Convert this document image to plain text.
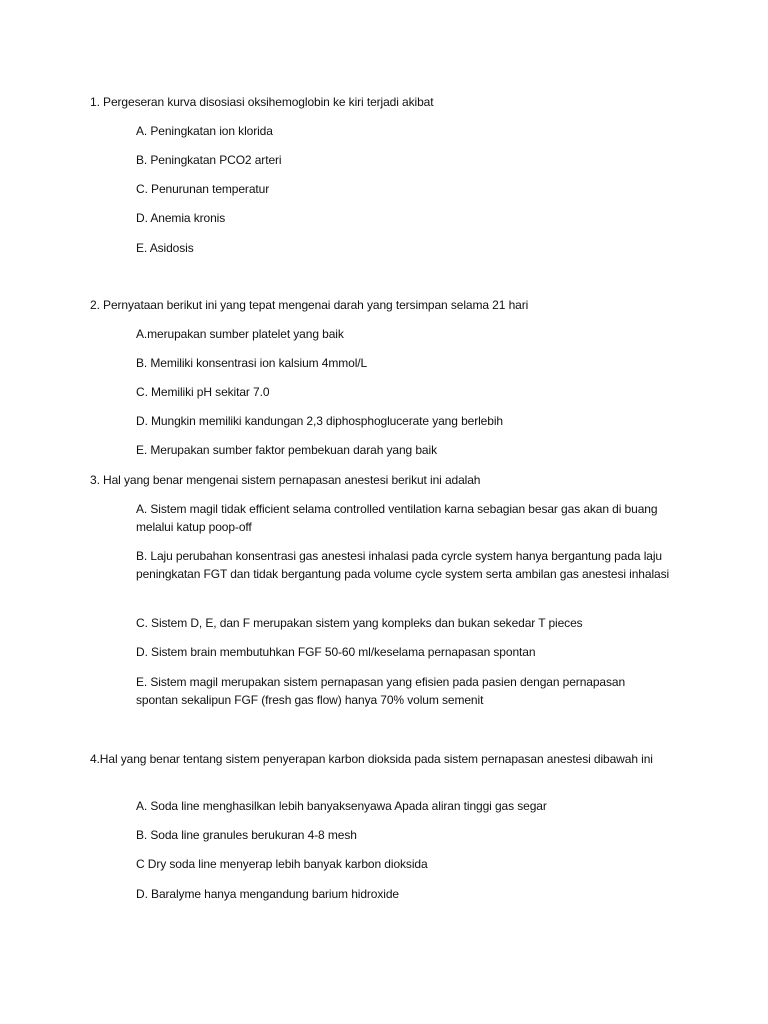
1. Pergeseran kurva disosiasi oksihemoglobin ke kiri terjadi akibat

A. Peningkatan ion klorida

B. Peningkatan PCO2 arteri

C. Penurunan temperatur

D. Anemia kronis

E. Asidosis

2. Pernyataan berikut ini yang tepat mengenai darah yang tersimpan selama 21 hari

A.merupakan sumber platelet yang baik

B. Memiliki konsentrasi ion kalsium 4mmol/L

C. Memiliki pH sekitar 7.0

D. Mungkin memiliki kandungan 2,3 diphosphoglucerate yang berlebih

E. Merupakan sumber faktor pembekuan darah yang baik

3. Hal yang benar mengenai sistem pernapasan anestesi berikut ini adalah

A. Sistem magil tidak efficient selama controlled ventilation karna sebagian besar gas akan di buang melalui katup poop-off

B. Laju perubahan konsentrasi gas anestesi inhalasi pada cyrcle system hanya bergantung pada laju peningkatan FGT dan tidak bergantung pada volume cycle system serta ambilan gas anestesi inhalasi

C. Sistem D, E, dan F merupakan sistem yang kompleks dan bukan sekedar T pieces

D. Sistem brain membutuhkan FGF 50-60 ml/keselama pernapasan spontan

E. Sistem magil merupakan sistem pernapasan yang efisien pada pasien dengan pernapasan spontan sekalipun FGF (fresh gas flow) hanya 70% volum semenit

4.Hal yang benar tentang sistem penyerapan karbon dioksida pada sistem pernapasan anestesi dibawah ini

A. Soda line menghasilkan lebih banyaksenyawa Apada aliran tinggi gas segar

B. Soda line granules berukuran 4-8 mesh

C Dry soda line menyerap lebih banyak karbon dioksida

D. Baralyme hanya mengandung barium hidroxide
